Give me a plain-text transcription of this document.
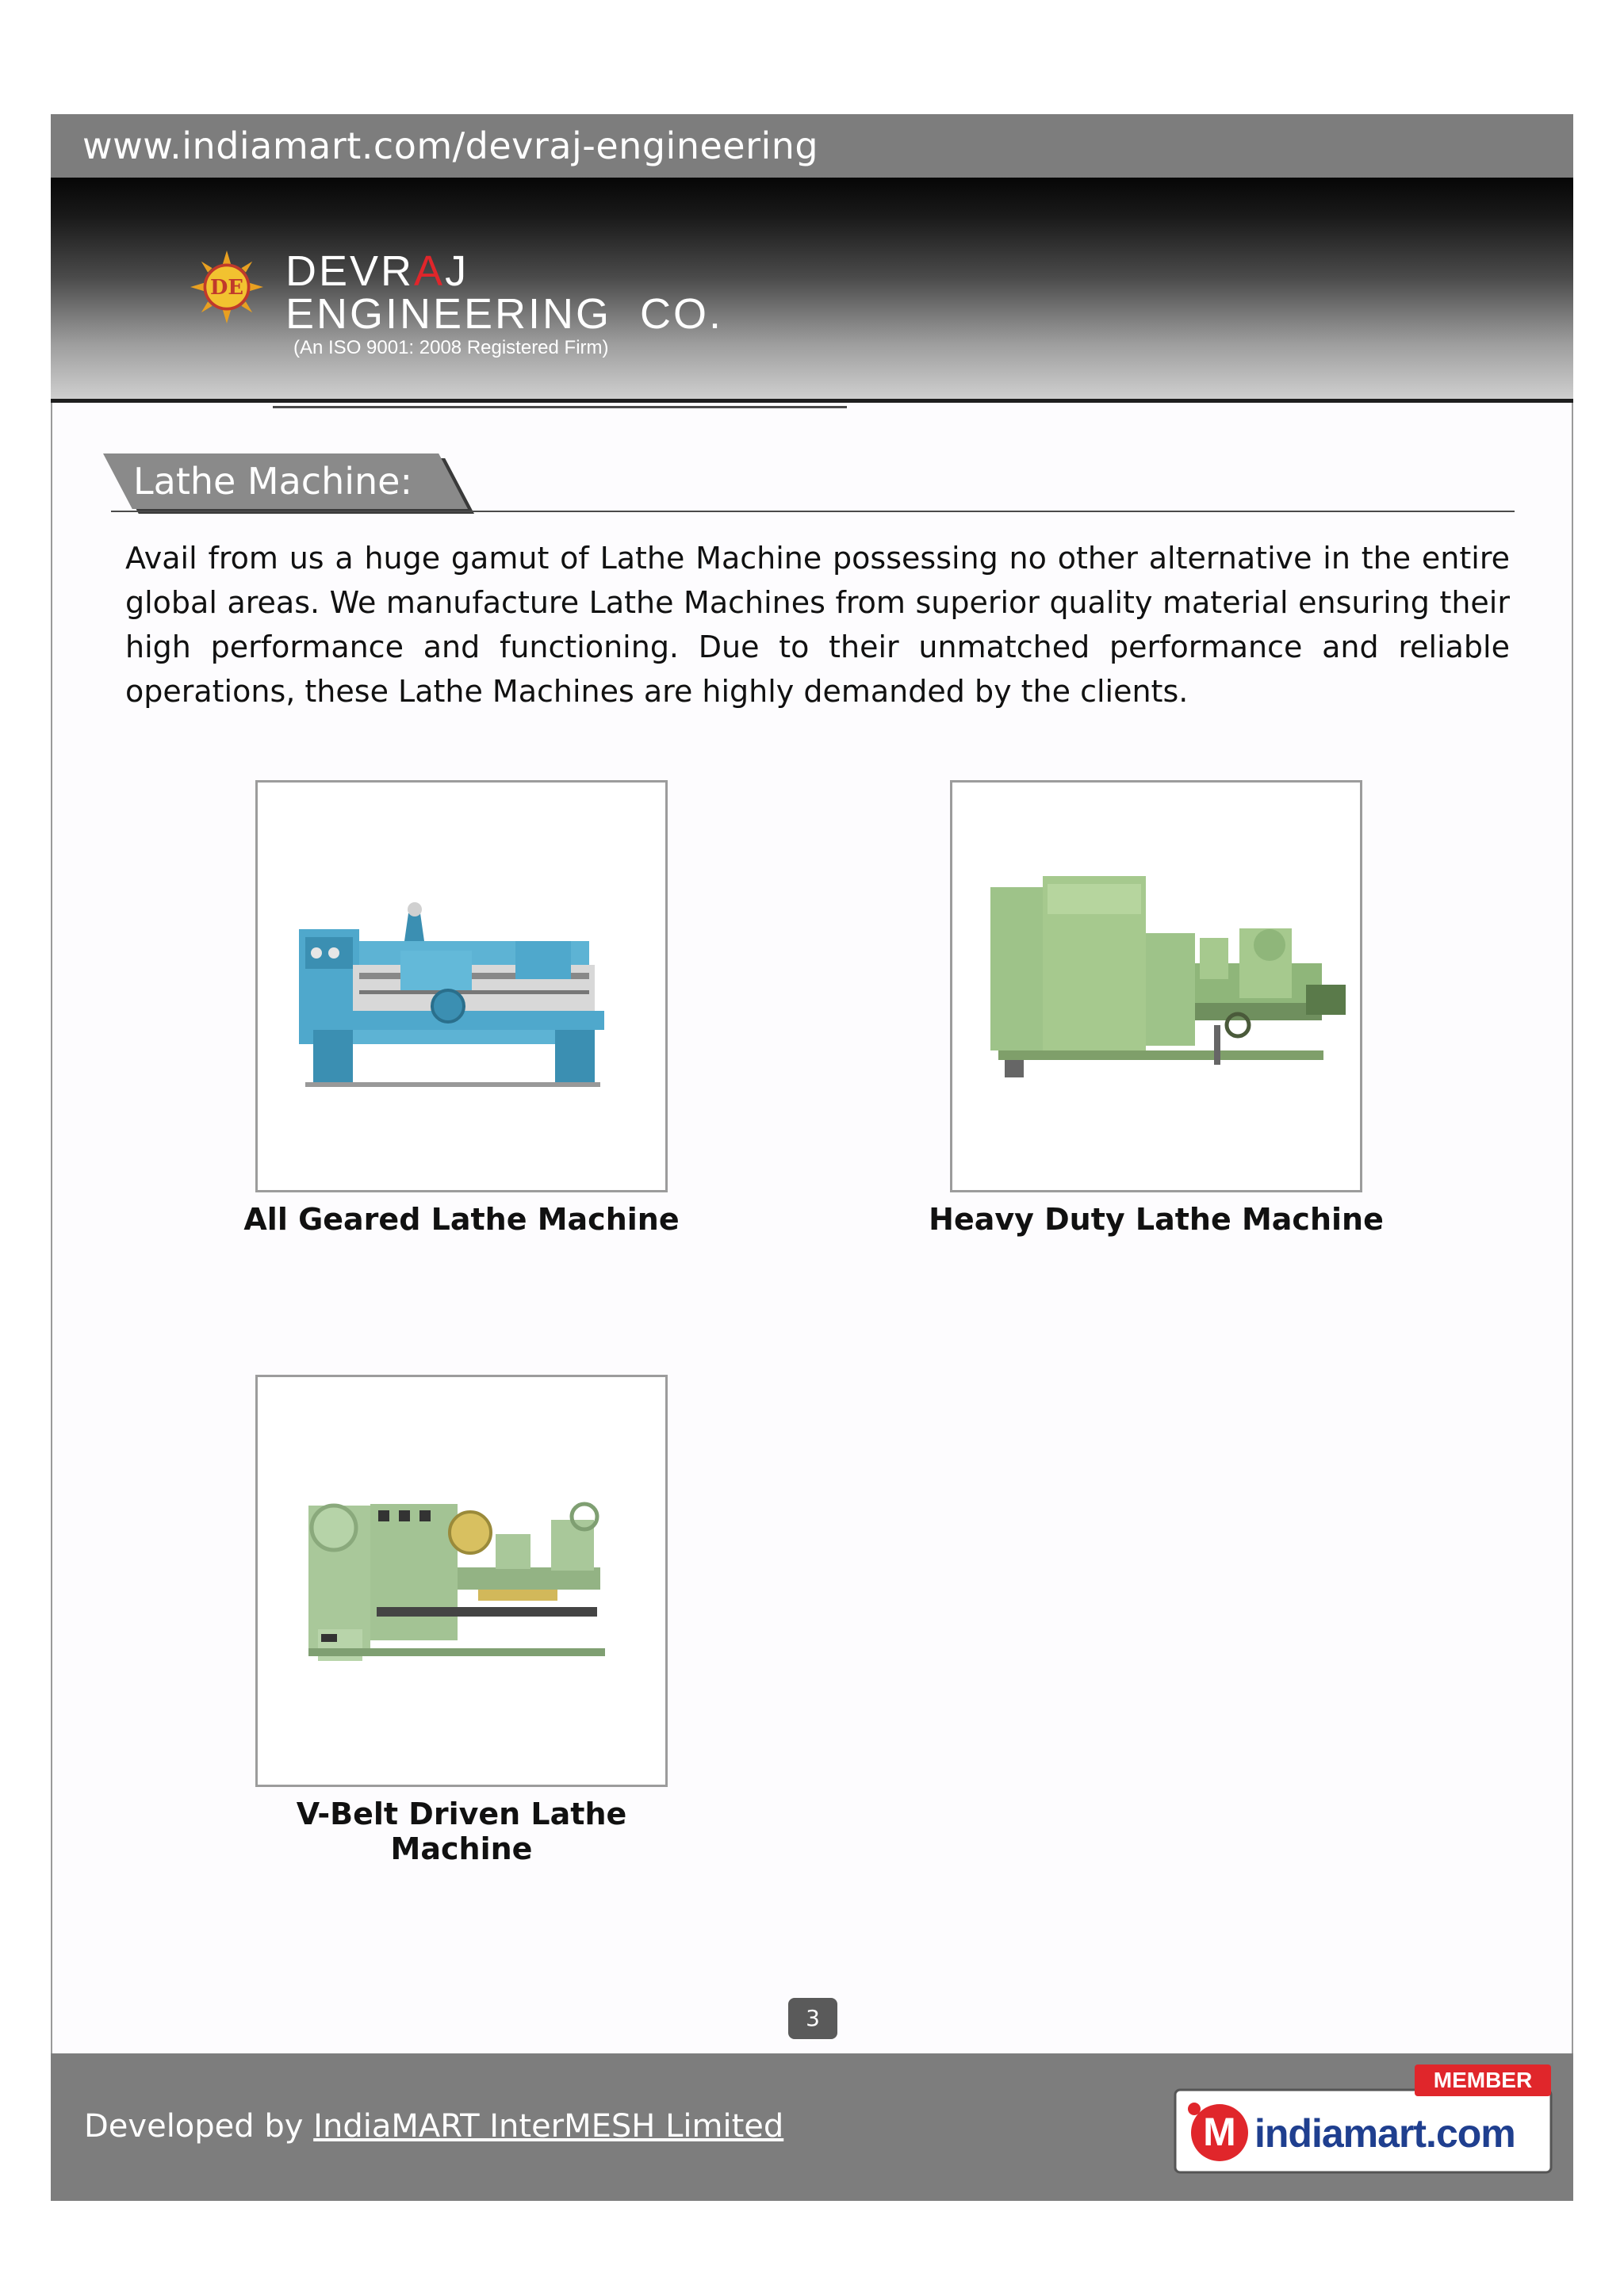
www.indiamart.com/devraj-engineering
DE DEVRAJ
ENGINEERING  CO.
(An ISO 9001: 2008 Registered Firm)
Lathe Machine:

Avail from us a huge gamut of Lathe Machine possessing no other alternative in the entire global areas. We manufacture Lathe Machines from superior quality material ensuring their high performance and functioning. Due to their unmatched performance and reliable operations, these Lathe Machines are highly demanded by the clients.

All Geared Lathe Machine	Heavy Duty Lathe Machine
V-Belt Driven Lathe Machine
3
Developed by IndiaMART InterMESH Limited
MEMBER
M indiamart.com
